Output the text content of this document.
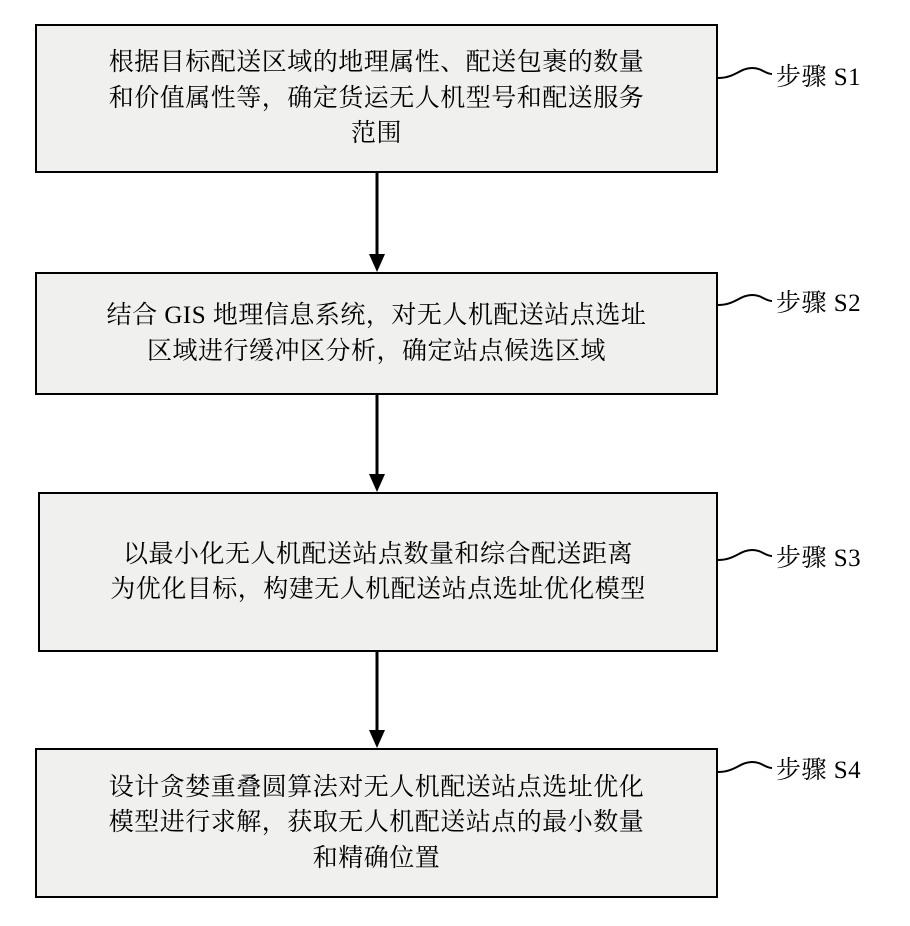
根据目标配送区域的地理属性、配送包裹的数量
和价值属性等，确定货运无人机型号和配送服务
范围
步骤 S1
结合 GIS 地理信息系统，对无人机配送站点选址
区域进行缓冲区分析，确定站点候选区域
步骤 S2
以最小化无人机配送站点数量和综合配送距离
为优化目标，构建无人机配送站点选址优化模型
步骤 S3
设计贪婪重叠圆算法对无人机配送站点选址优化
模型进行求解，获取无人机配送站点的最小数量
和精确位置
步骤 S4
